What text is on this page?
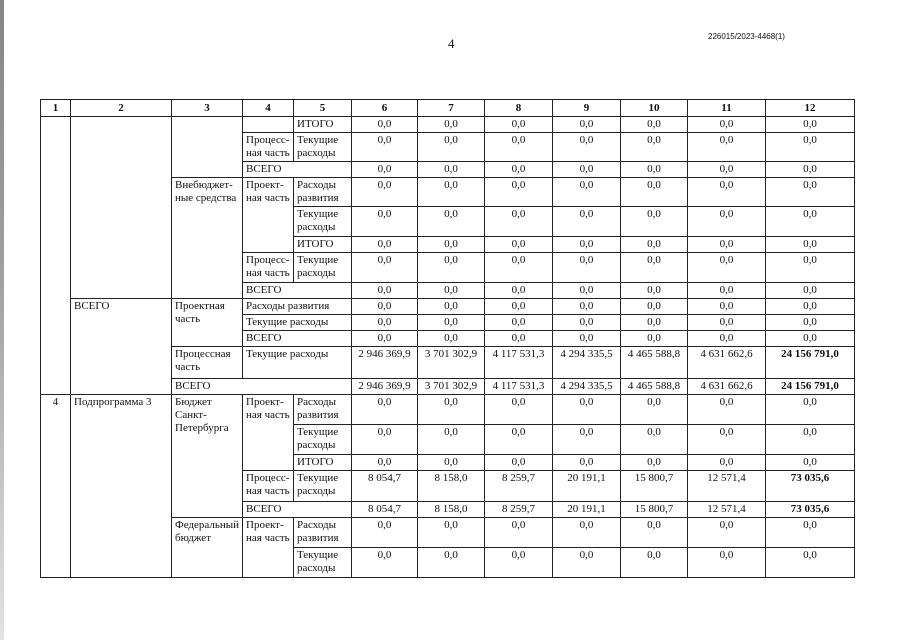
4	226015/2023-4468(1)
1	2	3	4	5	6	7	8	9	10	11	12
				ИТОГО	0,0	0,0	0,0	0,0	0,0	0,0	0,0
			Процесс-ная часть	Текущие расходы	0,0	0,0	0,0	0,0	0,0	0,0	0,0
			ВСЕГО		0,0	0,0	0,0	0,0	0,0	0,0	0,0
		Внебюджет-ные средства	Проект-ная часть	Расходы развития	0,0	0,0	0,0	0,0	0,0	0,0	0,0
				Текущие расходы	0,0	0,0	0,0	0,0	0,0	0,0	0,0
				ИТОГО	0,0	0,0	0,0	0,0	0,0	0,0	0,0
			Процесс-ная часть	Текущие расходы	0,0	0,0	0,0	0,0	0,0	0,0	0,0
			ВСЕГО		0,0	0,0	0,0	0,0	0,0	0,0	0,0
	ВСЕГО	Проектная часть	Расходы развития		0,0	0,0	0,0	0,0	0,0	0,0	0,0
			Текущие расходы		0,0	0,0	0,0	0,0	0,0	0,0	0,0
			ВСЕГО		0,0	0,0	0,0	0,0	0,0	0,0	0,0
		Процессная часть	Текущие расходы		2 946 369,9	3 701 302,9	4 117 531,3	4 294 335,5	4 465 588,8	4 631 662,6	24 156 791,0
		ВСЕГО			2 946 369,9	3 701 302,9	4 117 531,3	4 294 335,5	4 465 588,8	4 631 662,6	24 156 791,0
4	Подпрограмма 3	Бюджет Санкт-Петербурга	Проект-ная часть	Расходы развития	0,0	0,0	0,0	0,0	0,0	0,0	0,0
				Текущие расходы	0,0	0,0	0,0	0,0	0,0	0,0	0,0
				ИТОГО	0,0	0,0	0,0	0,0	0,0	0,0	0,0
			Процесс-ная часть	Текущие расходы	8 054,7	8 158,0	8 259,7	20 191,1	15 800,7	12 571,4	73 035,6
			ВСЕГО		8 054,7	8 158,0	8 259,7	20 191,1	15 800,7	12 571,4	73 035,6
		Федеральный бюджет	Проект-ная часть	Расходы развития	0,0	0,0	0,0	0,0	0,0	0,0	0,0
				Текущие расходы	0,0	0,0	0,0	0,0	0,0	0,0	0,0
